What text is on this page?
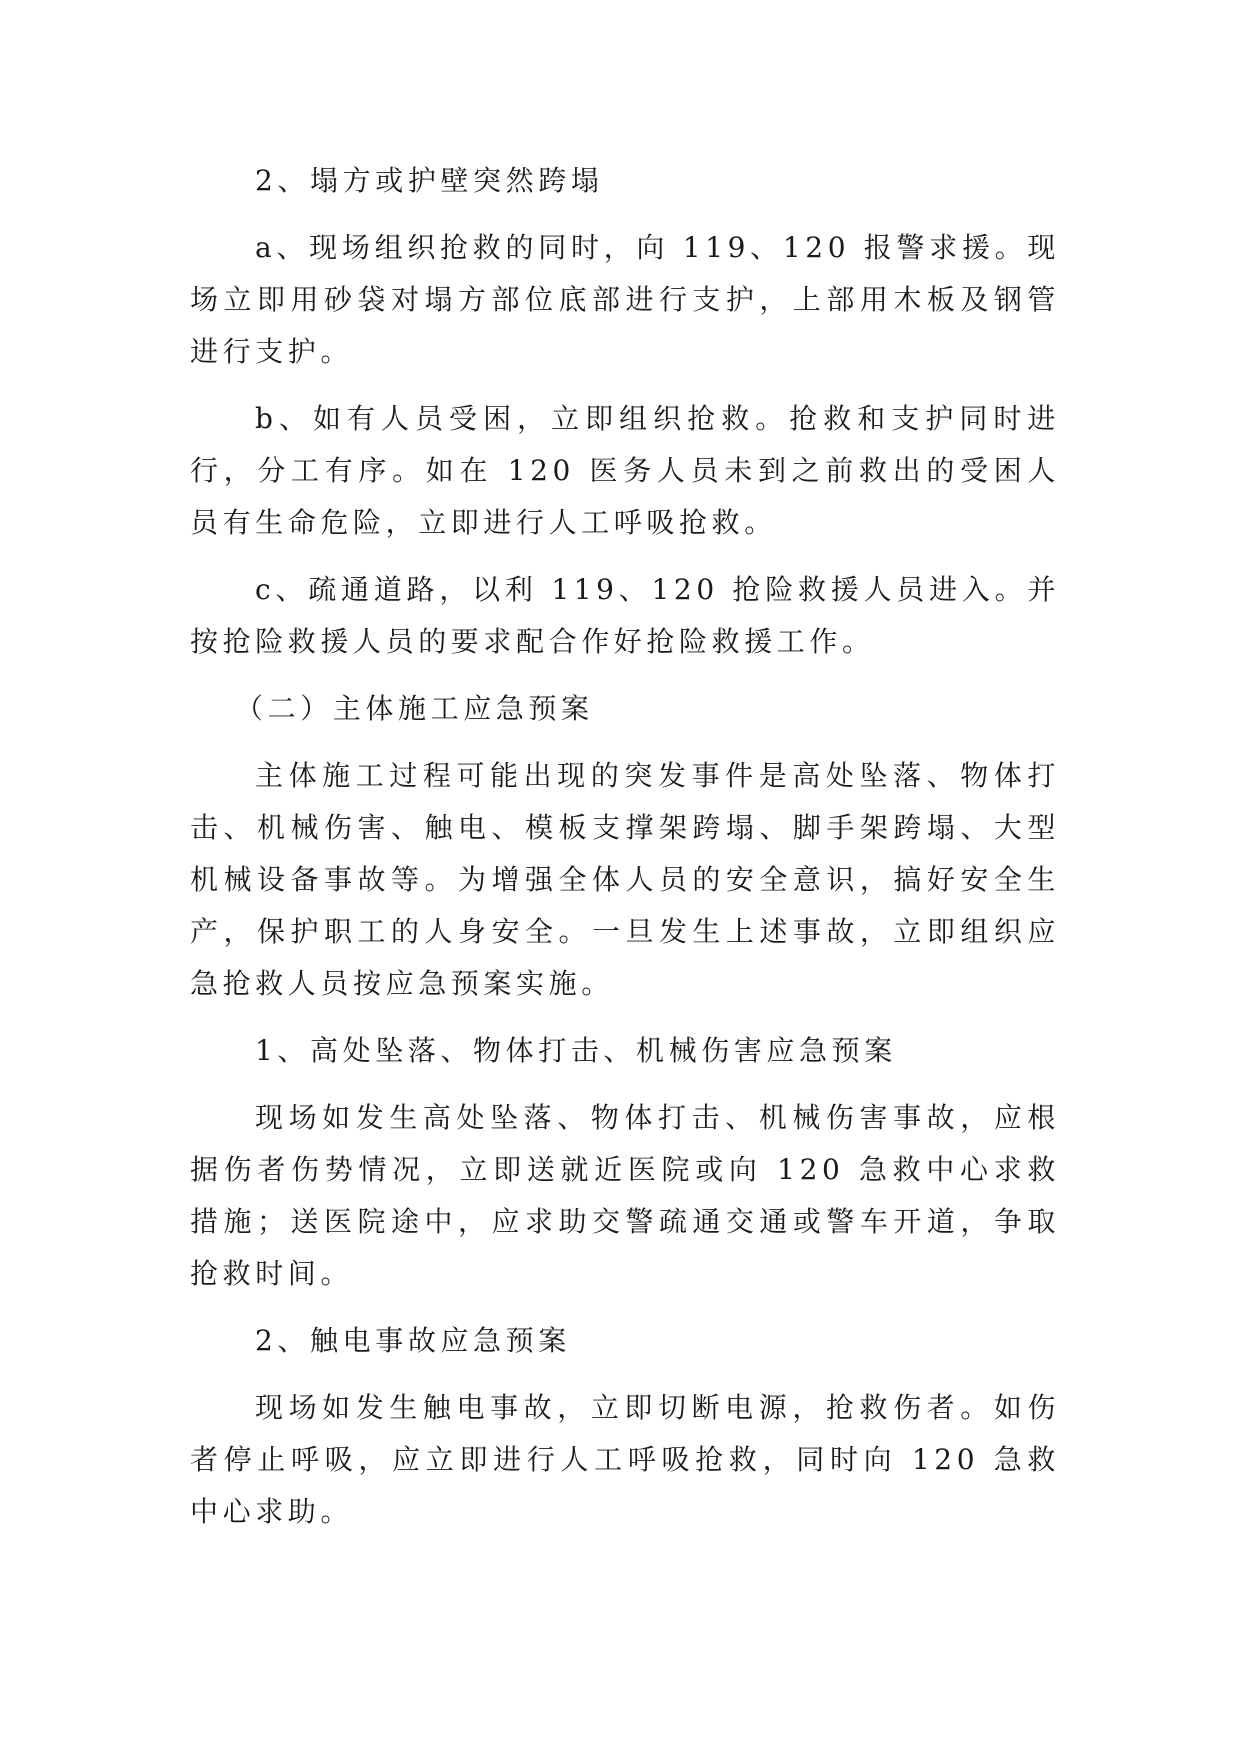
2、塌方或护壁突然跨塌

a、现场组织抢救的同时，向 119、120 报警求援。现场立即用砂袋对塌方部位底部进行支护，上部用木板及钢管进行支护。

b、如有人员受困，立即组织抢救。抢救和支护同时进行，分工有序。如在 120 医务人员未到之前救出的受困人员有生命危险，立即进行人工呼吸抢救。

c、疏通道路，以利 119、120 抢险救援人员进入。并按抢险救援人员的要求配合作好抢险救援工作。

（二）主体施工应急预案

主体施工过程可能出现的突发事件是高处坠落、物体打击、机械伤害、触电、模板支撑架跨塌、脚手架跨塌、大型机械设备事故等。为增强全体人员的安全意识，搞好安全生产，保护职工的人身安全。一旦发生上述事故，立即组织应急抢救人员按应急预案实施。

1、高处坠落、物体打击、机械伤害应急预案

现场如发生高处坠落、物体打击、机械伤害事故，应根据伤者伤势情况，立即送就近医院或向 120 急救中心求救措施；送医院途中，应求助交警疏通交通或警车开道，争取抢救时间。

2、触电事故应急预案

现场如发生触电事故，立即切断电源，抢救伤者。如伤者停止呼吸，应立即进行人工呼吸抢救，同时向 120 急救中心求助。
